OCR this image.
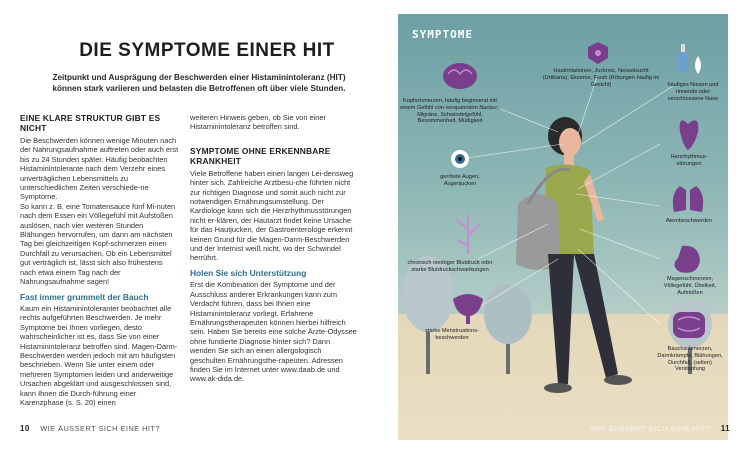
DIE SYMPTOME EINER HIT
Zeitpunkt und Ausprägung der Beschwerden einer Histaminintoleranz (HIT) können stark variieren und belasten die Betroffenen oft über viele Stunden.
EINE KLARE STRUKTUR GIBT ES NICHT

Die Beschwerden können wenige Minuten nach der Nahrungsaufnahme auftreten oder auch erst bis zu 24 Stunden später. Häufig beobachten Histaminintolerante nach dem Verzehr eines unverträglichen Lebensmittels zu unterschiedlichen Zeiten verschiede-ne Symptome.
So kann z. B. eine Tomatensauce fünf Mi-nuten nach dem Essen ein Völlegefühl mit Aufstoßen auslösen, nach vier weiteren Stunden Blähungen hervorrufen, um dann am nächsten Tag bei gleichzeitigen Kopf-schmerzen einen Durchfall zu verursachen. Ob ein Lebensmittel gut verträglich ist, lässt sich also frühestens nach etwa einem Tag nach der Nahrungsaufnahme sagen!

Fast immer grummelt der Bauch

Kaum ein Histaminintoleranter beobachtet alle rechts aufgeführten Beschwerden. Je mehr Symptome bei Ihnen vorliegen, desto wahrscheinlicher ist es, dass Sie von einer Histaminintoleranz betroffen sind. Magen-Darm-Beschwerden werden jedoch mit am häufigsten beschrieben. Wenn Sie unter einem oder mehreren Symptomen leiden und anderweitige Ursachen abgeklärt und ausgeschlossen sind, kann Ihnen die Durch-führung einer Karenzphase (s. S. 20) einen

weiteren Hinweis geben, ob Sie von einer Histaminintoleranz betroffen sind.

SYMPTOME OHNE ERKENNBARE KRANKHEIT

Viele Betroffene haben einen langen Lei-densweg hinter sich. Zahlreiche Arztbesu-che führten nicht zur richtigen Diagnose und somit auch nicht zur notwendigen Ernährungsumstellung. Der Kardiologe kann sich die Herzrhythmusstörungen nicht er-klären, der Hautarzt findet keine Ursache für das Hautjucken, der Gastroenterologe erkennt keinen Grund für die Magen-Darm-Beschwerden und der Internist weiß nicht, wo der Schwindel herrührt.

Holen Sie sich Unterstützung

Erst die Kombination der Symptome und der Ausschluss anderer Erkrankungen kann zum Verdacht führen, dass bei Ihnen eine Histaminintoleranz vorliegt. Erfahrene Ernährungstherapeuten können hierbei hilfreich sein. Haben Sie bereits eine solche Ärzte-Odyssee ohne fundierte Diagnose hinter sich? Dann wenden Sie sich an einen allergologisch geschulten Ernährungsthe-rapeuten. Adressen finden Sie im Internet unter www.daab.de und www.ak-dida.de.

10 WIE ÄUSSERT SICH EINE HIT?
SYMPTOME
Hautirritationen, Juckreiz, Nesselsucht (Urtikaria), Ekzeme, Flush (Rötungen häufig im Gesicht)
Kopfschmerzen, häufig beginnend mit einem Gefühl von verspanntem Nacken, Migräne, Schwindelgefühl, Benommenheit, Müdigkeit
häufiges Niesen und rinnende oder verschlossene Nase
gerötete Augen, Augenjucken
Herzrhythmus-störungen
Atembeschwerden
chronisch niedriger Blutdruck oder starke Blutdruckschwankungen
Magenschmerzen, Völlegefühl, Übelkeit, Aufstoßen
starke Menstruations-beschwerden
Bauchschmerzen, Darmkrämpfe, Blähungen, Durchfall, (selten) Verstopfung
WIE ÄUSSERT SICH EINE HIT? 11
